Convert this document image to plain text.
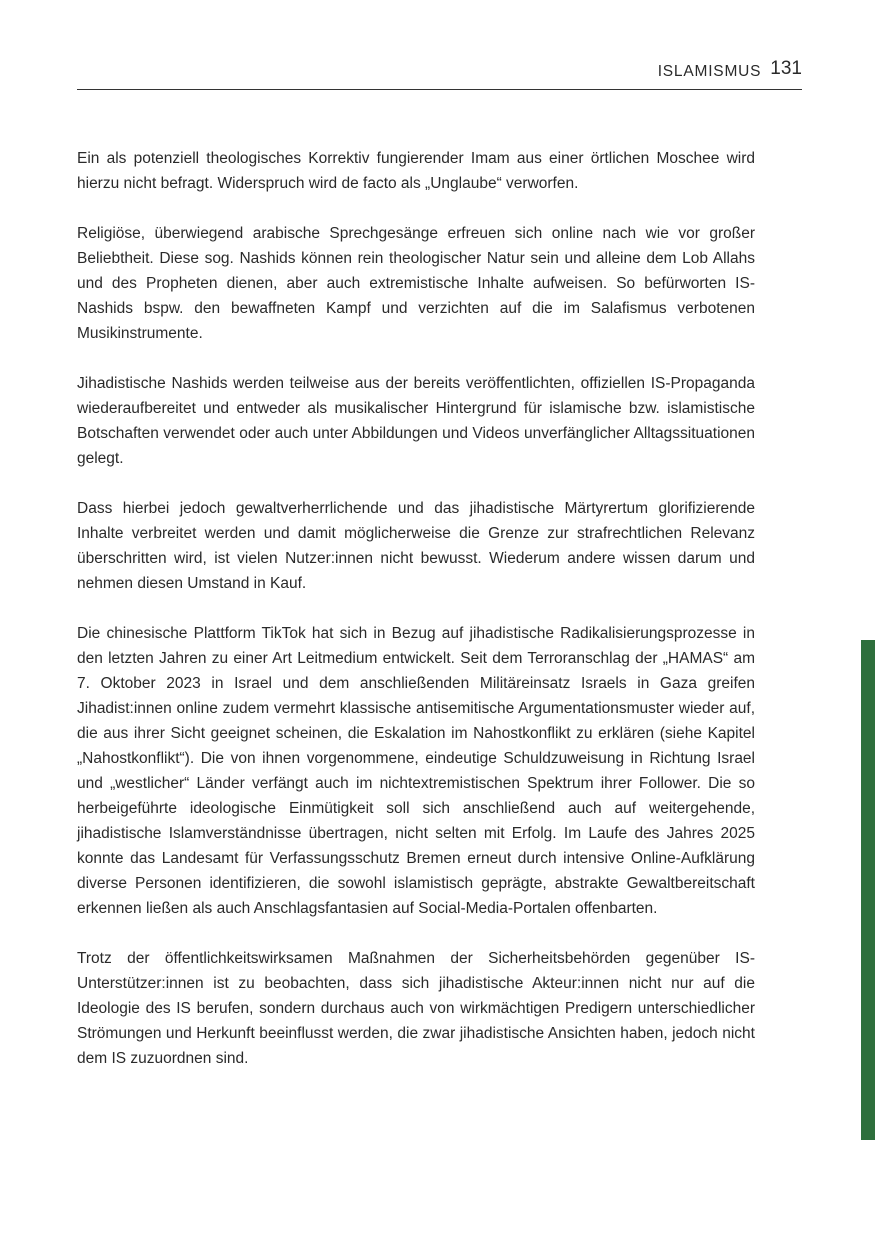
ISLAMISMUS 131

Ein als potenziell theologisches Korrektiv fungierender Imam aus einer örtlichen Moschee wird hierzu nicht befragt. Widerspruch wird de facto als „Unglaube“ verworfen.

Religiöse, überwiegend arabische Sprechgesänge erfreuen sich online nach wie vor großer Beliebtheit. Diese sog. Nashids können rein theologischer Natur sein und alleine dem Lob Allahs und des Propheten dienen, aber auch extremistische Inhalte aufweisen. So befürworten IS-Nashids bspw. den bewaffneten Kampf und verzichten auf die im Salafismus verbotenen Musikinstrumente.

Jihadistische Nashids werden teilweise aus der bereits veröffentlichten, offiziellen IS-Propaganda wiederaufbereitet und entweder als musikalischer Hintergrund für islamische bzw. islamistische Botschaften verwendet oder auch unter Abbildungen und Videos unverfänglicher Alltagssituationen gelegt.

Dass hierbei jedoch gewaltverherrlichende und das jihadistische Märtyrertum glorifizierende Inhalte verbreitet werden und damit möglicherweise die Grenze zur strafrechtlichen Relevanz überschritten wird, ist vielen Nutzer:innen nicht bewusst. Wiederum andere wissen darum und nehmen diesen Umstand in Kauf.

Die chinesische Plattform TikTok hat sich in Bezug auf jihadistische Radikalisierungsprozesse in den letzten Jahren zu einer Art Leitmedium entwickelt. Seit dem Terroranschlag der „HAMAS“ am 7. Oktober 2023 in Israel und dem anschließenden Militäreinsatz Israels in Gaza greifen Jihadist:innen online zudem vermehrt klassische antisemitische Argumentationsmuster wieder auf, die aus ihrer Sicht geeignet scheinen, die Eskalation im Nahostkonflikt zu erklären (siehe Kapitel „Nahostkonflikt“). Die von ihnen vorgenommene, eindeutige Schuldzuweisung in Richtung Israel und „westlicher“ Länder verfängt auch im nichtextremistischen Spektrum ihrer Follower. Die so herbeigeführte ideologische Einmütigkeit soll sich anschließend auch auf weitergehende, jihadistische Islamverständnisse übertragen, nicht selten mit Erfolg. Im Laufe des Jahres 2025 konnte das Landesamt für Verfassungsschutz Bremen erneut durch intensive Online-Aufklärung diverse Personen identifizieren, die sowohl islamistisch geprägte, abstrakte Gewaltbereitschaft erkennen ließen als auch Anschlagsfantasien auf Social-Media-Portalen offenbarten.

Trotz der öffentlichkeitswirksamen Maßnahmen der Sicherheitsbehörden gegenüber IS-Unterstützer:innen ist zu beobachten, dass sich jihadistische Akteur:innen nicht nur auf die Ideologie des IS berufen, sondern durchaus auch von wirkmächtigen Predigern unterschiedlicher Strömungen und Herkunft beeinflusst werden, die zwar jihadistische Ansichten haben, jedoch nicht dem IS zuzuordnen sind.
